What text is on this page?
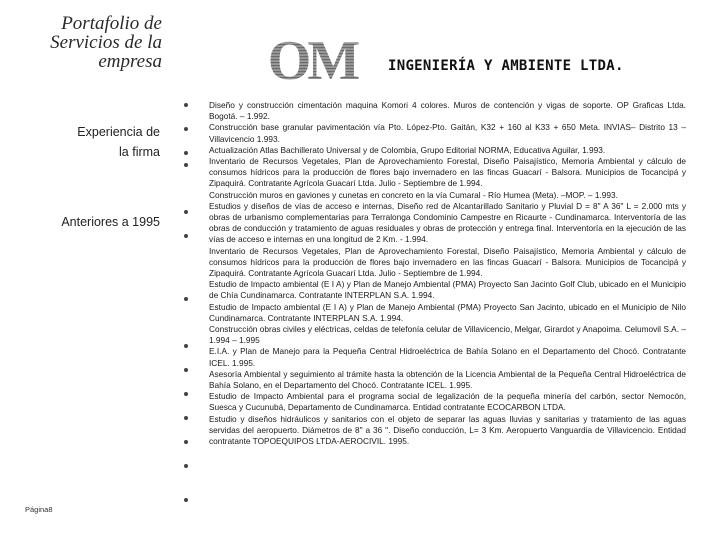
Portafolio de
Servicios de la
empresa OM INGENIERÍA Y AMBIENTE LTDA.
Experiencia de
la firma
Anteriores a 1995
Página8

Diseño y construcción cimentación maquina Komori 4 colores. Muros de contención y vigas de soporte. OP Graficas Ltda. Bogotá. – 1.992.

Construcción base granular pavimentación vía Pto. López-Pto. Gaitán, K32 + 160 al K33 + 650 Meta. INVIAS– Distrito 13 – Villavicencio 1.993.

Actualización Atlas Bachillerato Universal y de Colombia, Grupo Editorial NORMA, Educativa Aguilar, 1.993.

Inventario de Recursos Vegetales, Plan de Aprovechamiento Forestal, Diseño Paisajístico, Memoria Ambiental y cálculo de consumos hídricos para la producción de flores bajo invernadero en las fincas Guacarí - Balsora. Municipios de Tocancipá y Zipaquirá. Contratante Agrícola Guacarí Ltda. Julio - Septiembre de 1.994.

Construcción muros en gaviones y cunetas en concreto en la vía Cumaral - Río Humea (Meta). –MOP. – 1.993.

Estudios y diseños de vías de acceso e internas, Diseño red de Alcantarillado Sanitario y Pluvial D = 8" A 36" L = 2.000 mts y obras de urbanismo complementarias para Terralonga Condominio Campestre en Ricaurte - Cundinamarca. Interventoría de las obras de conducción y tratamiento de aguas residuales y obras de protección y entrega final. Interventoría en la ejecución de las vías de acceso e internas en una longitud de 2 Km. - 1.994.

Inventario de Recursos Vegetales, Plan de Aprovechamiento Forestal, Diseño Paisajístico, Memoria Ambiental y cálculo de consumos hídricos para la producción de flores bajo invernadero en las fincas Guacarí - Balsora. Municipios de Tocancipá y Zipaquirá. Contratante Agrícola Guacarí Ltda. Julio - Septiembre de 1.994.

Estudio de Impacto ambiental (E I A) y Plan de Manejo Ambiental (PMA) Proyecto San Jacinto Golf Club, ubicado en el Municipio de Chía Cundinamarca. Contratante INTERPLAN S.A. 1.994.

Estudio de Impacto ambiental (E I A) y Plan de Manejo Ambiental (PMA) Proyecto San Jacinto, ubicado en el Municipio de Nilo Cundinamarca. Contratante INTERPLAN S.A. 1.994.

Construcción obras civiles y eléctricas, celdas de telefonía celular de Villavicencio, Melgar, Girardot y Anapoima. Celumovil S.A. – 1.994 – 1.995

E.I.A. y Plan de Manejo para la Pequeña Central Hidroeléctrica de Bahía Solano en el Departamento del Chocó. Contratante ICEL. 1.995.

Asesoría Ambiental y seguimiento al trámite hasta la obtención de la Licencia Ambiental de la Pequeña Central Hidroeléctrica de Bahía Solano, en el Departamento del Chocó. Contratante ICEL. 1.995.

Estudio de Impacto Ambiental para el programa social de legalización de la pequeña minería del carbón, sector Nemocón, Suesca y Cucunubá, Departamento de Cundinamarca. Entidad contratante ECOCARBON LTDA.

Estudio y diseños hidráulicos y sanitarios con el objeto de separar las aguas lluvias y sanitarias y tratamiento de las aguas servidas del aeropuerto. Diámetros de 8" a 36 ". Diseño conducción, L= 3 Km. Aeropuerto Vanguardia de Villavicencio. Entidad contratante TOPOEQUIPOS LTDA-AEROCIVIL. 1995.
